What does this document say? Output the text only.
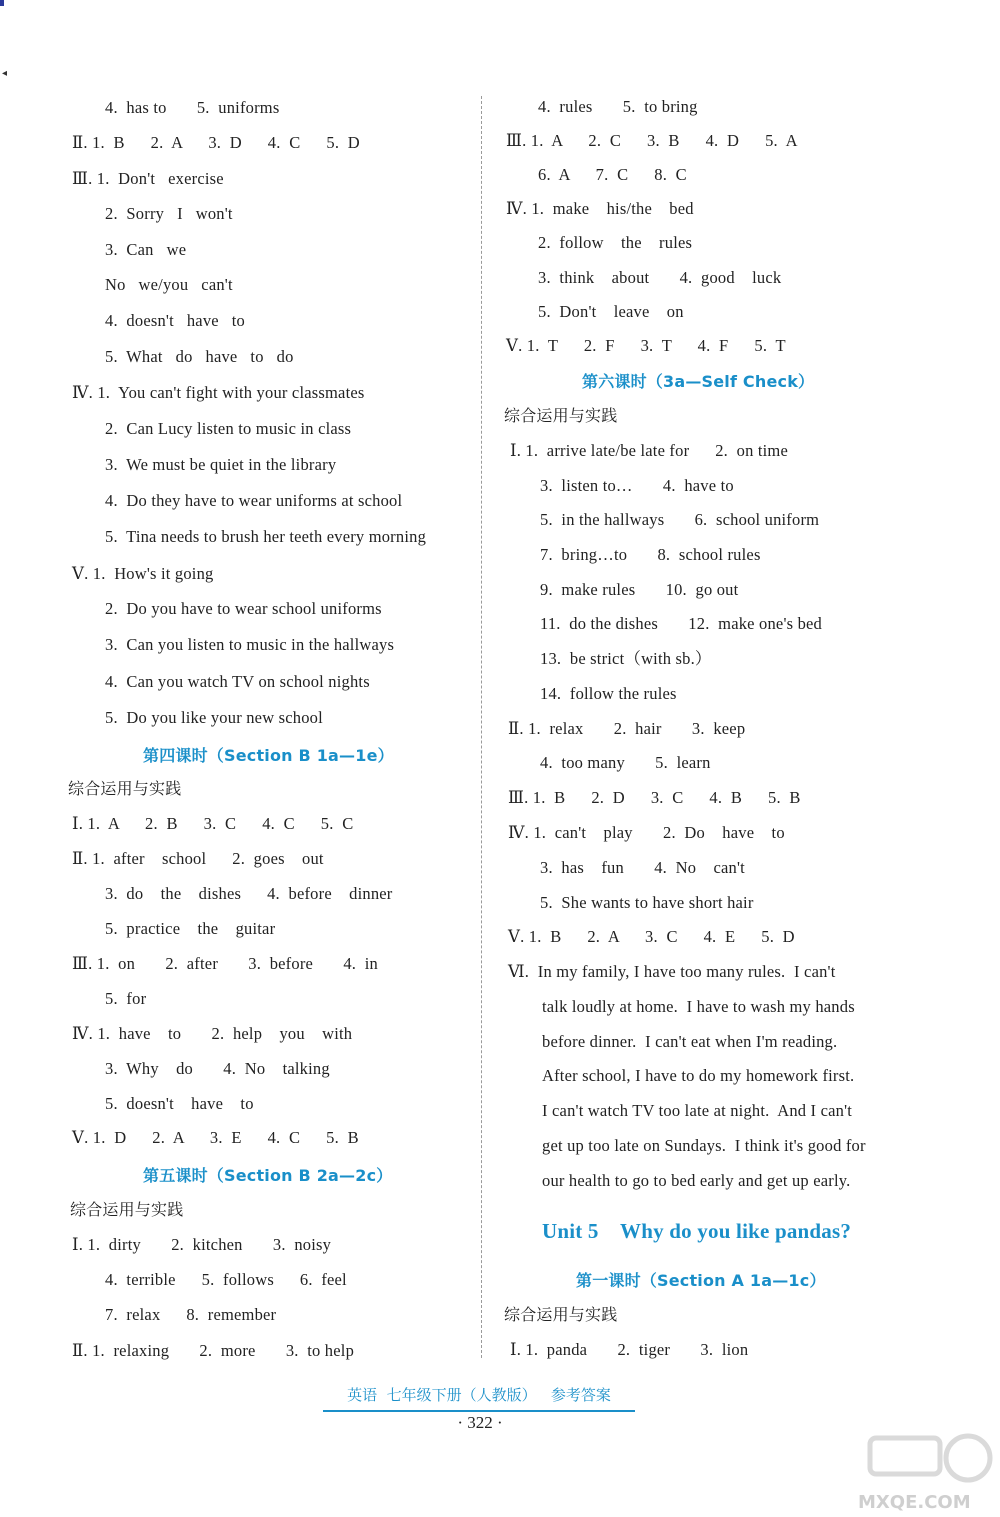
◂
4.  has to       5.  uniforms
Ⅱ. 1.  B      2.  A      3.  D      4.  C      5.  D
Ⅲ. 1.  Don't   exercise
2.  Sorry   I   won't
3.  Can   we
No   we/you   can't
4.  doesn't   have   to
5.  What   do   have   to   do
Ⅳ. 1.  You can't fight with your classmates
2.  Can Lucy listen to music in class
3.  We must be quiet in the library
4.  Do they have to wear uniforms at school
5.  Tina needs to brush her teeth every morning
Ⅴ. 1.  How's it going
2.  Do you have to wear school uniforms
3.  Can you listen to music in the hallways
4.  Can you watch TV on school nights
5.  Do you like your new school
第四课时（Section B 1a—1e）
综合运用与实践
Ⅰ. 1.  A      2.  B      3.  C      4.  C      5.  C
Ⅱ. 1.  after    school      2.  goes    out
3.  do    the    dishes      4.  before    dinner
5.  practice    the    guitar
Ⅲ. 1.  on       2.  after       3.  before       4.  in
5.  for
Ⅳ. 1.  have    to       2.  help    you    with
3.  Why    do       4.  No    talking
5.  doesn't    have    to
Ⅴ. 1.  D      2.  A      3.  E      4.  C      5.  B
第五课时（Section B 2a—2c）
综合运用与实践
Ⅰ. 1.  dirty       2.  kitchen       3.  noisy
4.  terrible      5.  follows      6.  feel
7.  relax      8.  remember
Ⅱ. 1.  relaxing       2.  more       3.  to help
4.  rules       5.  to bring
Ⅲ. 1.  A      2.  C      3.  B      4.  D      5.  A
6.  A      7.  C      8.  C
Ⅳ. 1.  make    his/the    bed
2.  follow    the    rules
3.  think    about       4.  good    luck
5.  Don't    leave    on
Ⅴ. 1.  T      2.  F      3.  T      4.  F      5.  T
第六课时（3a—Self Check）
综合运用与实践
Ⅰ. 1.  arrive late/be late for      2.  on time
3.  listen to…       4.  have to
5.  in the hallways       6.  school uniform
7.  bring…to       8.  school rules
9.  make rules       10.  go out
11.  do the dishes       12.  make one's bed
13.  be strict（with sb.）
14.  follow the rules
Ⅱ. 1.  relax       2.  hair       3.  keep
4.  too many       5.  learn
Ⅲ. 1.  B      2.  D      3.  C      4.  B      5.  B
Ⅳ. 1.  can't    play       2.  Do    have    to
3.  has    fun       4.  No    can't
5.  She wants to have short hair
Ⅴ. 1.  B      2.  A      3.  C      4.  E      5.  D
Ⅵ.  In my family, I have too many rules.  I can't
talk loudly at home.  I have to wash my hands
before dinner.  I can't eat when I'm reading.
After school, I have to do my homework first.
I can't watch TV too late at night.  And I can't
get up too late on Sundays.  I think it's good for
our health to go to bed early and get up early.
Unit 5    Why do you like pandas?
第一课时（Section A 1a—1c）
综合运用与实践
Ⅰ. 1.  panda       2.  tiger       3.  lion
英语  七年级下册（人教版）   参考答案
· 322 ·
MXQE.COM
